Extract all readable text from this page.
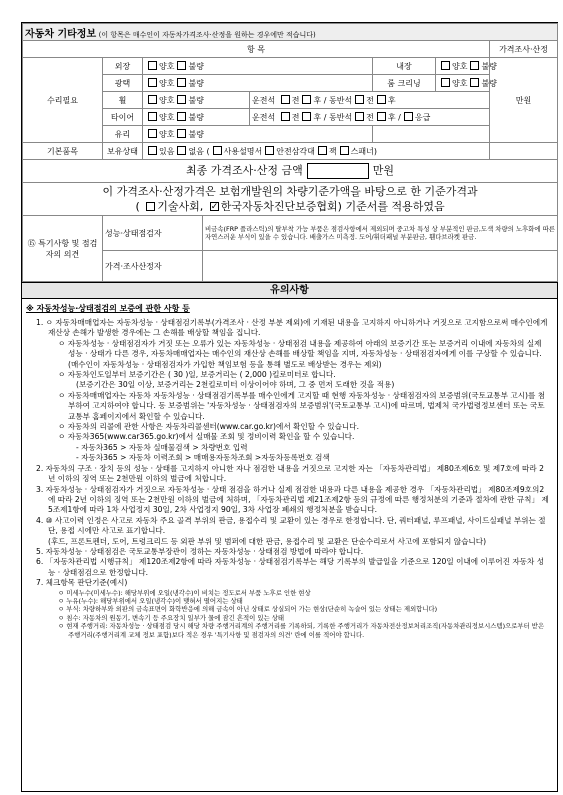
자동차 기타정보 (이 항목은 매수인이 자동차가격조사·산정을 원하는 경우에만 적습니다)							
항 목							가격조사·산정
수리필요	외장	양호 불량			내장	양호 불량	만원
	광택	양호 불량			룸 크리닝	양호 불량	
	휠	양호 불량		운전석 전 후 / 동반석 전 후			
	타이어	양호 불량		운전석 전 후 / 동반석 전 후 / 응급			
	유리	양호 불량					
기본품목	보유상태	있음 없음 ( 사용설명서 안전삼각대 잭 스패너)					
최종 가격조사·산정 금액 만원							

이 가격조사·산정가격은 보험개발원의 차량기준가액을 바탕으로 한 기준가격과
( 기술사회, ✓ 한국자동차진단보증협회) 기준서를 적용하였음

⑮ 특기사항 및 점검자의 의견	성능·상태점검자		비금속(FRP 플라스틱)의 탈부착 가능 부품은 점검사항에서 제외되며 중고차 특성 상 부분적인 판금,도색 차량의 노후화에 따른 자연스러운 부식이 있을 수 있습니다. 배출가스 미측정. 도어/휘더패널 부분판금, 휀다브라켓 판금.				
	가격·조사산정자						
유의사항
※ 자동차성능·상태점검의 보증에 관한 사항 등

1. ㅇ 자동차매매업자는 자동차성능 · 상태점검기록부(가격조사 · 산정 부분 제외)에 기재된 내용을 고지하지 아니하거나 거짓으로 고지함으로써 매수인에게 재산상 손해가 발생한 경우에는 그 손해를 배상할 책임을 집니다.

ㅇ 자동차성능 · 상태점검자가 거짓 또는 오류가 있는 자동차성능 · 상태점검 내용을 제공하여 아래의 보증기간 또는 보증거리 이내에 자동차의 실제 성능 · 상태가 다른 경우, 자동차매매업자는 매수인의 재산상 손해를 배상할 책임을 지며, 자동차성능 · 상태점검자에게 이를 구상할 수 있습니다.(매수인이 자동차성능 · 상태점검자가 가입한 책임보험 등을 통해 별도로 배상받는 경우는 제외)

ㅇ 자동차인도일부터 보증기간은 ( 30 )일, 보증거리는 ( 2,000 )킬로미터로 합니다.

(보증기간은 30일 이상, 보증거리는 2천킬로미터 이상이어야 하며, 그 중 먼저 도래한 것을 적용)

ㅇ 자동차매매업자는 자동차 자동차성능 · 상태점검기록부를 매수인에게 고지할 때 현행 자동차성능 · 상태점검자의 보증범위(국토교통부 고시)를 첨부하여 고지하여야 합니다. 동 보증범위는 '자동차성능 · 상태점검자의 보증범위'(국토교통부 고시)에 따르며, 법제처 국가법령정보센터 또는 국토교통부 홈페이지에서 확인할 수 있습니다.

ㅇ 자동차의 리콜에 관한 사항은 자동차리콜센터(www.car.go.kr)에서 확인할 수 있습니다.

ㅇ 자동차365(www.car365.go.kr)에서 실매물 조회 및 정비이력 확인을 할 수 있습니다.

- 자동차365 > 자동차 실매물검색 > 차량번호 입력

- 자동차365 > 자동차 이력조회 > 매매용자동차조회 >자동차등록번호 검색

2. 자동차의 구조 · 장치 등의 성능 · 상태를 고지하지 아니한 자나 점검한 내용을 거짓으로 고지한 자는 「자동차관리법」 제80조제6호 및 제7호에 따라 2년 이하의 징역 또는 2천만원 이하의 벌금에 처합니다.

3. 자동차성능 · 상태점검자가 거짓으로 자동차성능 · 상태 점검을 하거나 실제 점검한 내용과 다른 내용을 제공한 경우 「자동차관리법」 제80조제9호의2에 따라 2년 이하의 징역 또는 2천만원 이하의 벌금에 처하며, 「자동차관리법 제21조제2항 등의 규정에 따른 행정처분의 기준과 절차에 관한 규칙」 제5조제1항에 따라 1차 사업정지 30일, 2차 사업정지 90일, 3차 사업장 폐쇄의 행정처분을 받습니다.

4. ⑩ 사고이력 인정은 사고로 자동차 주요 골격 부위의 판금, 용접수리 및 교환이 있는 경우로 한정합니다. 단, 쿼터패널, 루프패널, 사이드실패널 부위는 절단, 용접 시에만 사고로 표기합니다.

(후드, 프론트펜더, 도어, 트렁크리드 등 외판 부위 및 범퍼에 대한 판금, 용접수리 및 교환은 단순수리로서 사고에 포함되지 않습니다)

5. 자동차성능 · 상태점검은 국토교통부장관이 정하는 자동차성능 · 상태점검 방법에 따라야 합니다.

6. 「자동차관리법 시행규칙」 제120조제2항에 따라 자동차성능 · 상태점검기록부는 해당 기록부의 발급일을 기준으로 120일 이내에 이루어진 자동차 성능 · 상태점검으로 한정합니다.

7. 체크항목 판단기준(예시)

ㅇ 미세누수(미세누수): 해당부위에 오일(냉각수)이 비치는 정도로서 부품 노후로 인한 현상

ㅇ 누유(누수): 해당부위에서 오일(냉각수)이 맺혀서 떨어지는 상태

ㅇ 부식: 차량하부와 외판의 금속표면이 화학반응에 의해 금속이 아닌 상태로 상실되어 가는 현상(단순히 녹슬어 있는 상태는 제외합니다)

ㅇ 침수: 자동차의 원동기, 변속기 등 주요장치 일부가 물에 잠긴 흔적이 있는 상태

ㅇ 현재 주행거리: 자동차성능 · 상태점검 당시 해당 차량 주행거리계의 주행거리를 기록하되, 기록한 주행거리가 자동차전산정보처리조직(자동차관리정보시스템)으로부터 받은 주행거리(주행거리계 교체 정보 포함)보다 적은 경우 '특기사항 및 점검자의 의견' 란에 이를 적어야 합니다.
